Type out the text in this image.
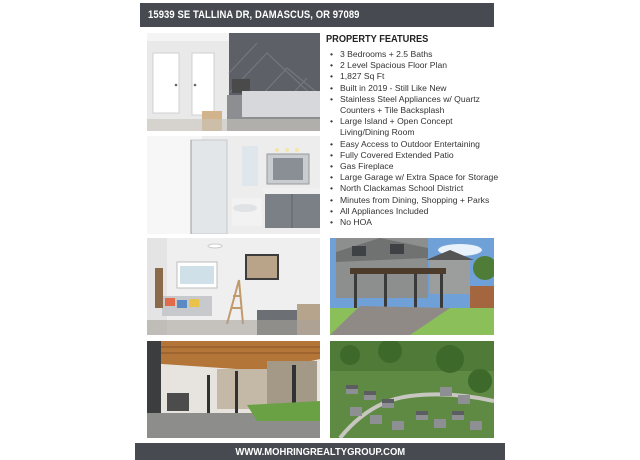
15939 SE TALLINA DR, DAMASCUS, OR 97089
PROPERTY FEATURES
• 3 Bedrooms + 2.5 Baths
• 2 Level Spacious Floor Plan
• 1,827 Sq Ft
• Built in 2019 - Still Like New
• Stainless Steel Appliances w/ Quartz Counters + Tile Backsplash
• Large Island + Open Concept Living/Dining Room
• Easy Access to Outdoor Entertaining
• Fully Covered Extended Patio
• Gas Fireplace
• Large Garage w/ Extra Space for Storage
• North Clackamas School District
• Minutes from Dining, Shopping + Parks
• All Appliances Included
• No HOA
WWW.MOHRINGREALTYGROUP.COM
